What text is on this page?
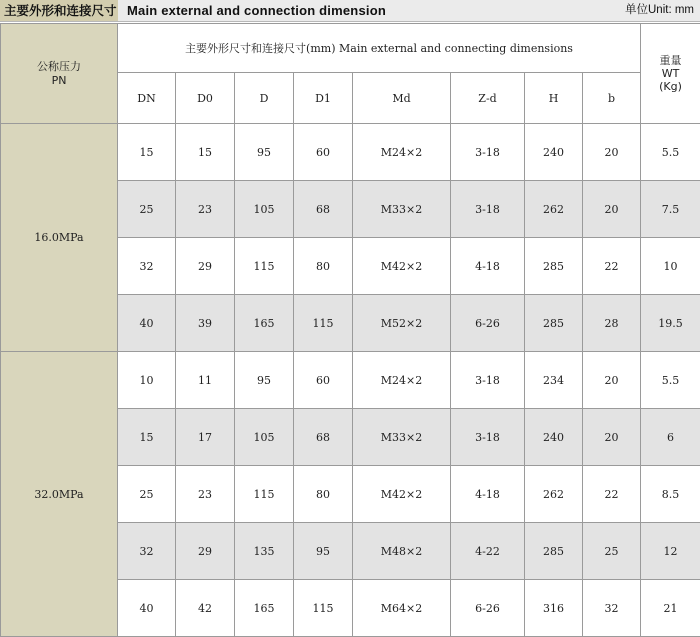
主要外形和连接尺寸 Main external and connection dimension	单位Unit: mm
公称压力
PN	主要外形尺寸和连接尺寸(mm) Main external and connecting dimensions								重量
WT
(Kg)

	DN	D0	D	D1	Md	Z-d	H	b	
16.0MPa	15	15	95	60	M24×2	3-18	240	20	5.5
	25	23	105	68	M33×2	3-18	262	20	7.5
	32	29	115	80	M42×2	4-18	285	22	10
	40	39	165	115	M52×2	6-26	285	28	19.5
32.0MPa	10	11	95	60	M24×2	3-18	234	20	5.5
	15	17	105	68	M33×2	3-18	240	20	6
	25	23	115	80	M42×2	4-18	262	22	8.5
	32	29	135	95	M48×2	4-22	285	25	12
	40	42	165	115	M64×2	6-26	316	32	21
